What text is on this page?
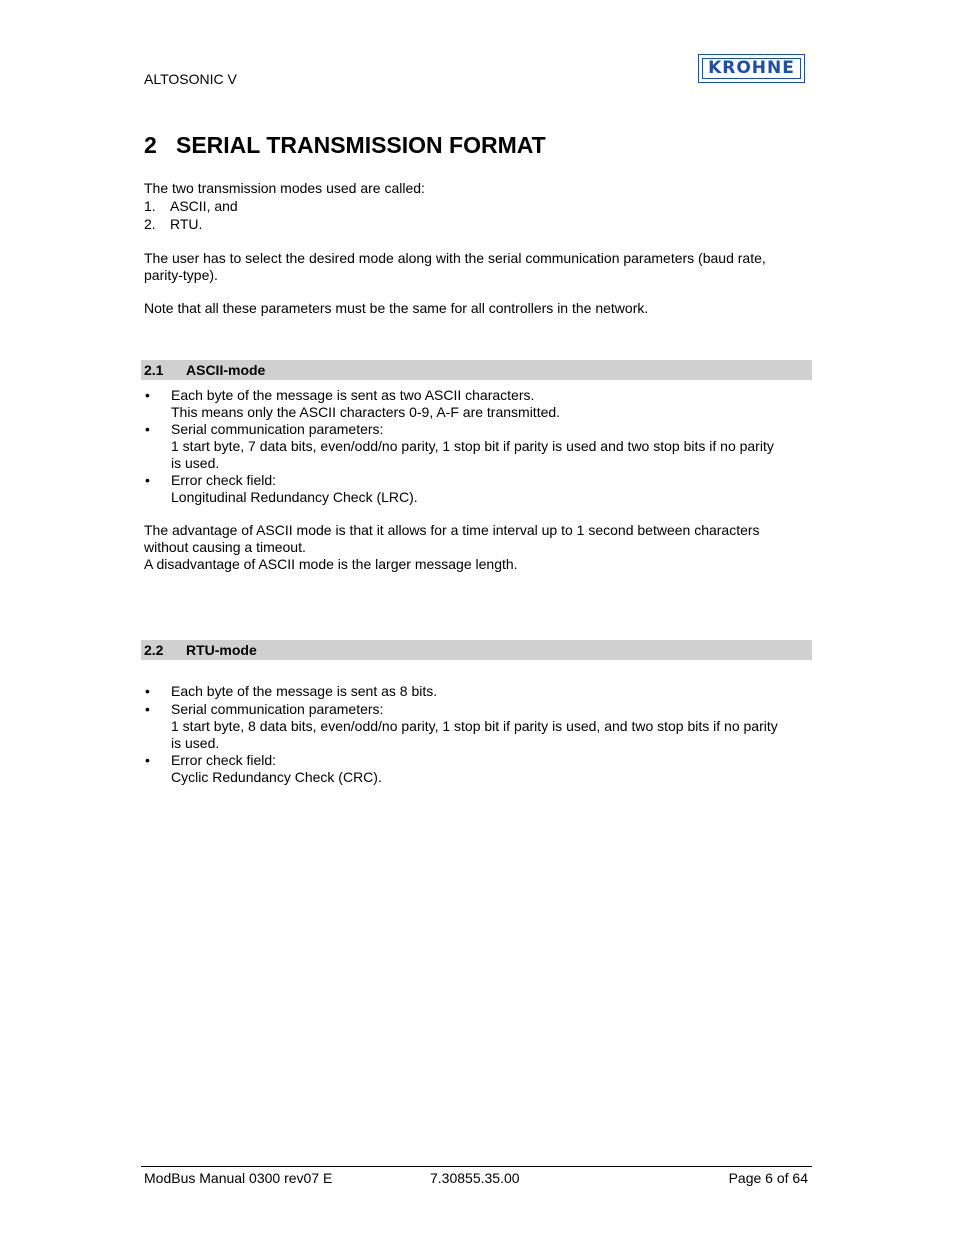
ALTOSONIC V
KROHNE
2 SERIAL TRANSMISSION FORMAT
The two transmission modes used are called:
1. ASCII, and
2. RTU.
The user has to select the desired mode along with the serial communication parameters (baud rate,
parity-type).
Note that all these parameters must be the same for all controllers in the network.
2.1 ASCII-mode
• Each byte of the message is sent as two ASCII characters.
This means only the ASCII characters 0-9, A-F are transmitted.
• Serial communication parameters:
1 start byte, 7 data bits, even/odd/no parity, 1 stop bit if parity is used and two stop bits if no parity
is used.
• Error check field:
Longitudinal Redundancy Check (LRC).
The advantage of ASCII mode is that it allows for a time interval up to 1 second between characters
without causing a timeout.
A disadvantage of ASCII mode is the larger message length.
2.2 RTU-mode
• Each byte of the message is sent as 8 bits.
• Serial communication parameters:
1 start byte, 8 data bits, even/odd/no parity, 1 stop bit if parity is used, and two stop bits if no parity
is used.
• Error check field:
Cyclic Redundancy Check (CRC).
ModBus Manual 0300 rev07 E	7.30855.35.00	Page 6 of 64
